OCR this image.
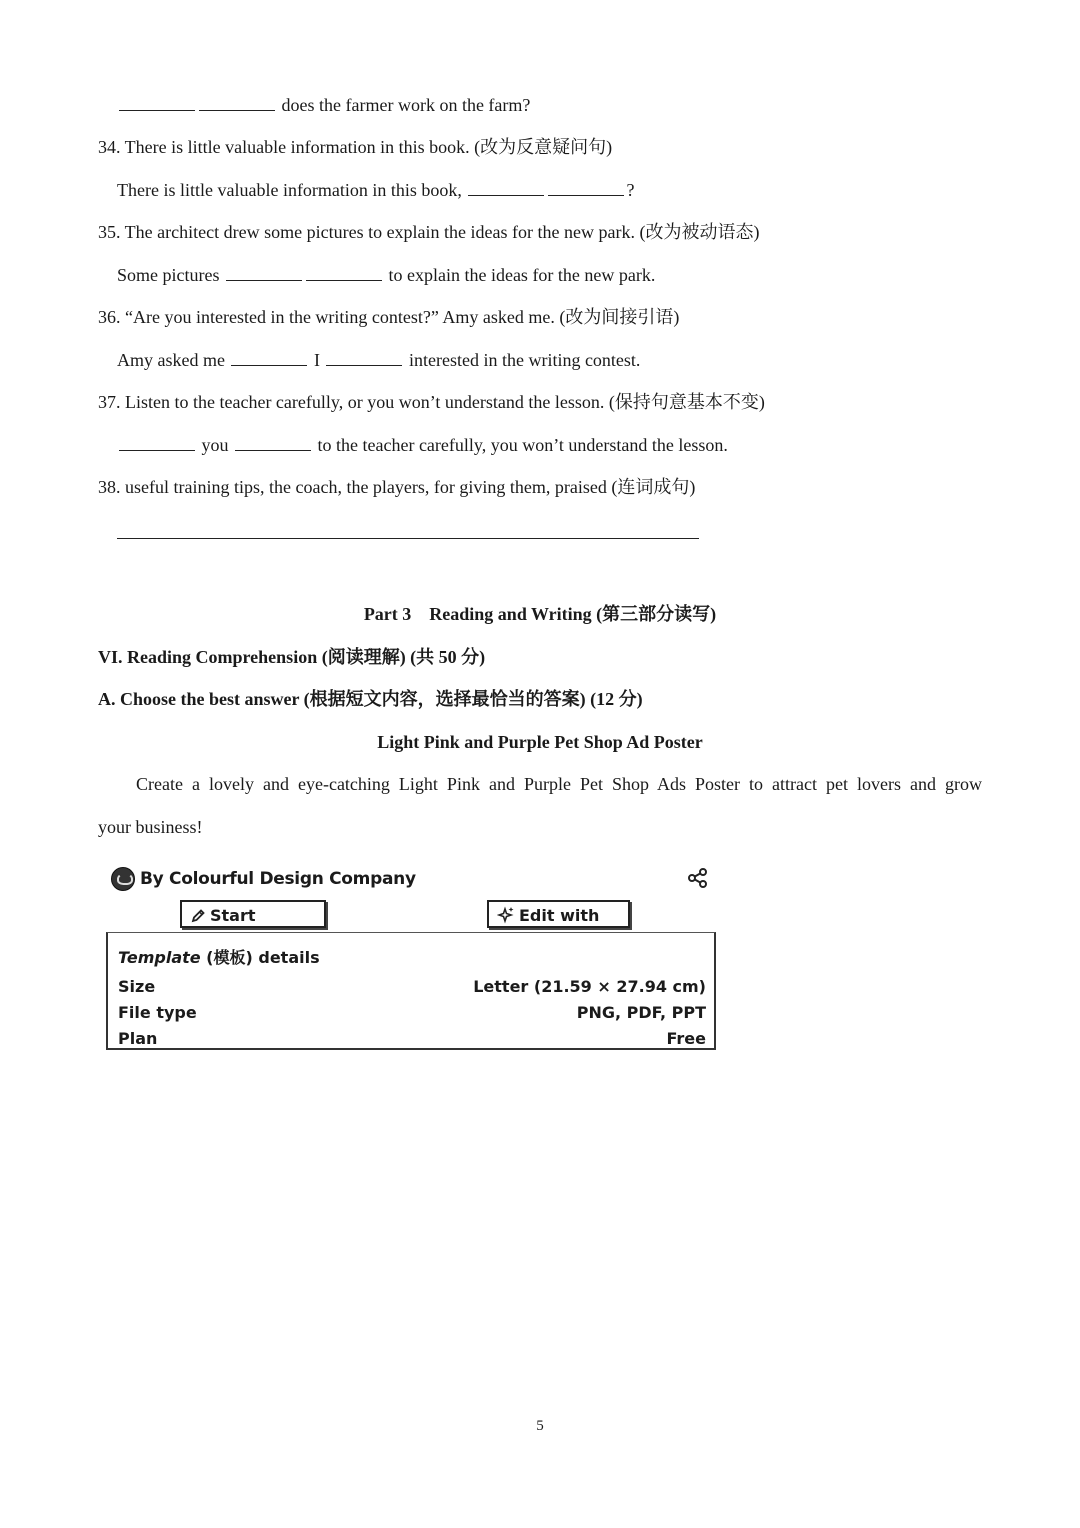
does the farmer work on the farm?
34. There is little valuable information in this book. (改为反意疑问句)
There is little valuable information in this book,	?
35. The architect drew some pictures to explain the ideas for the new park. (改为被动语态)
Some pictures	to explain the ideas for the new park.
36. “Are you interested in the writing contest?” Amy asked me. (改为间接引语)
Amy asked me	I	interested in the writing contest.
37. Listen to the teacher carefully, or you won’t understand the lesson. (保持句意基本不变)
you	to the teacher carefully, you won’t understand the lesson.
38. useful training tips, the coach, the players, for giving them, praised (连词成句)
Part 3    Reading and Writing (第三部分读写)
VI. Reading Comprehension (阅读理解) (共 50 分)
A. Choose the best answer (根据短文内容，选择最恰当的答案) (12 分)
Light Pink and Purple Pet Shop Ad Poster
Create a lovely and eye-catching Light Pink and Purple Pet Shop Ads Poster to attract pet lovers and grow
your business!
By Colourful Design Company
Start	Edit with
Template (模板) details
Size	Letter (21.59 × 27.94 cm)
File type	PNG, PDF, PPT
Plan	Free
5
